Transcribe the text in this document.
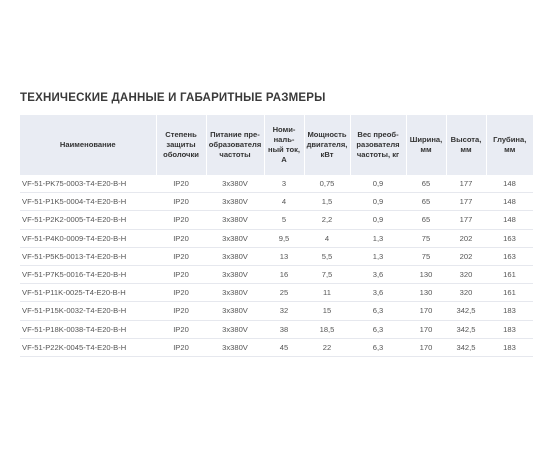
ТЕХНИЧЕСКИЕ ДАННЫЕ И ГАБАРИТНЫЕ РАЗМЕРЫ
Наименование	Степень защиты оболочки	Питание пре- образователя частоты	Номи- наль- ный ток, А	Мощность двигателя, кВт	Вес преоб- разователя частоты, кг	Ширина, мм	Высота, мм	Глубина, мм
VF-51-PK75-0003-T4-E20-B-H	IP20	3х380V	3	0,75	0,9	65	177	148
VF-51-P1K5-0004-T4-E20-B-H	IP20	3х380V	4	1,5	0,9	65	177	148
VF-51-P2K2-0005-T4-E20-B-H	IP20	3х380V	5	2,2	0,9	65	177	148
VF-51-P4K0-0009-T4-E20-B-H	IP20	3х380V	9,5	4	1,3	75	202	163
VF-51-P5K5-0013-T4-E20-B-H	IP20	3х380V	13	5,5	1,3	75	202	163
VF-51-P7K5-0016-T4-E20-B-H	IP20	3х380V	16	7,5	3,6	130	320	161
VF-51-P11K-0025-T4-E20-B-H	IP20	3х380V	25	11	3,6	130	320	161
VF-51-P15K-0032-T4-E20-B-H	IP20	3х380V	32	15	6,3	170	342,5	183
VF-51-P18K-0038-T4-E20-B-H	IP20	3х380V	38	18,5	6,3	170	342,5	183
VF-51-P22K-0045-T4-E20-B-H	IP20	3х380V	45	22	6,3	170	342,5	183
